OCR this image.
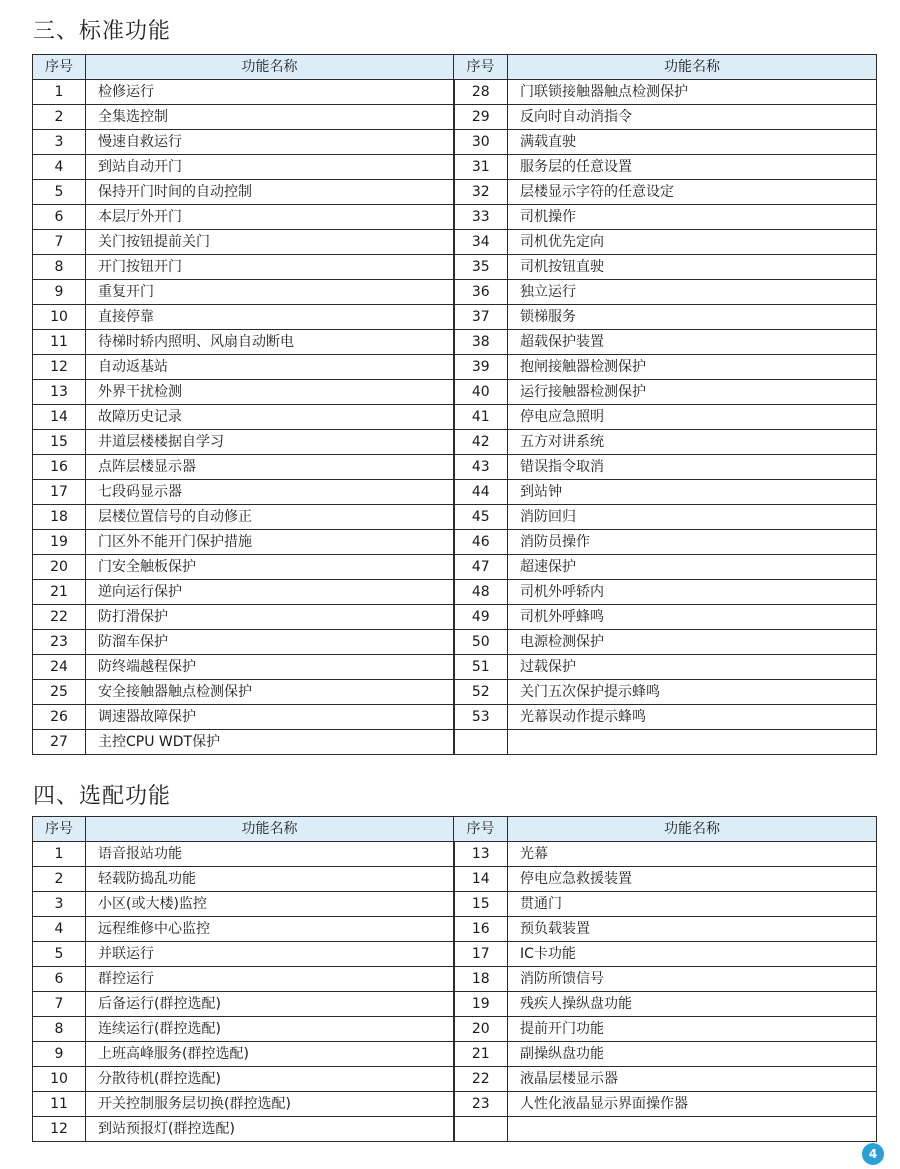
三、标准功能
序号	功能名称	序号	功能名称
1	检修运行	28	门联锁接触器触点检测保护
2	全集选控制	29	反向时自动消指令
3	慢速自救运行	30	满载直驶
4	到站自动开门	31	服务层的任意设置
5	保持开门时间的自动控制	32	层楼显示字符的任意设定
6	本层厅外开门	33	司机操作
7	关门按钮提前关门	34	司机优先定向
8	开门按钮开门	35	司机按钮直驶
9	重复开门	36	独立运行
10	直接停靠	37	锁梯服务
11	待梯时轿内照明、风扇自动断电	38	超载保护装置
12	自动返基站	39	抱闸接触器检测保护
13	外界干扰检测	40	运行接触器检测保护
14	故障历史记录	41	停电应急照明
15	井道层楼楼据自学习	42	五方对讲系统
16	点阵层楼显示器	43	错误指令取消
17	七段码显示器	44	到站钟
18	层楼位置信号的自动修正	45	消防回归
19	门区外不能开门保护措施	46	消防员操作
20	门安全触板保护	47	超速保护
21	逆向运行保护	48	司机外呼轿内
22	防打滑保护	49	司机外呼蜂鸣
23	防溜车保护	50	电源检测保护
24	防终端越程保护	51	过载保护
25	安全接触器触点检测保护	52	关门五次保护提示蜂鸣
26	调速器故障保护	53	光幕误动作提示蜂鸣
27	主控CPU WDT保护		
四、选配功能
序号	功能名称	序号	功能名称
1	语音报站功能	13	光幕
2	轻载防捣乱功能	14	停电应急救援装置
3	小区(或大楼)监控	15	贯通门
4	远程维修中心监控	16	预负载装置
5	并联运行	17	IC卡功能
6	群控运行	18	消防所馈信号
7	后备运行(群控选配)	19	残疾人操纵盘功能
8	连续运行(群控选配)	20	提前开门功能
9	上班高峰服务(群控选配)	21	副操纵盘功能
10	分散待机(群控选配)	22	液晶层楼显示器
11	开关控制服务层切换(群控选配)	23	人性化液晶显示界面操作器
12	到站预报灯(群控选配)		
4
